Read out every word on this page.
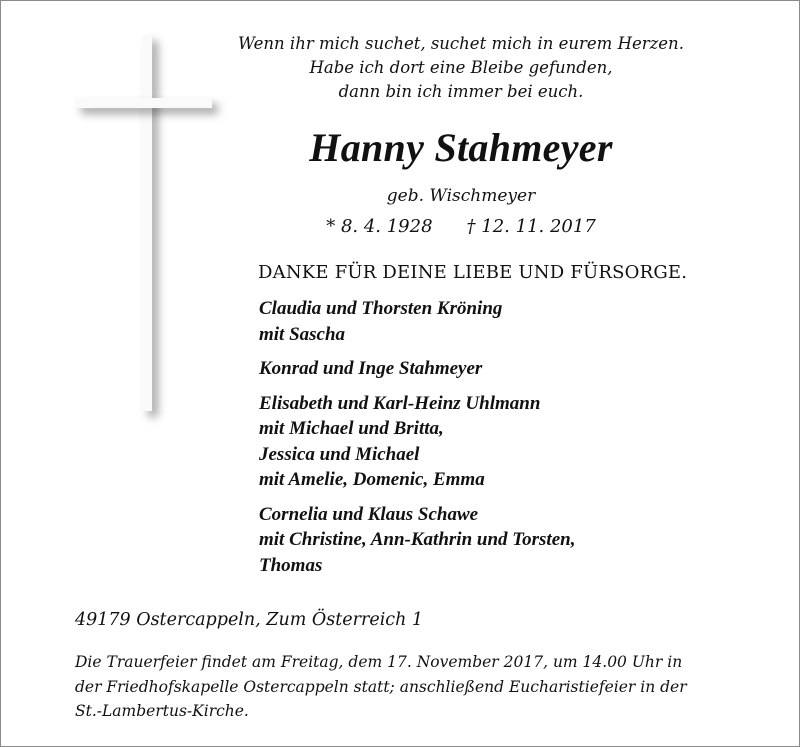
Wenn ihr mich suchet, suchet mich in eurem Herzen.
Habe ich dort eine Bleibe gefunden,
dann bin ich immer bei euch.
Hanny Stahmeyer
geb. Wischmeyer
* 8. 4. 1928 † 12. 11. 2017
DANKE FÜR DEINE LIEBE UND FÜRSORGE.
Claudia und Thorsten Kröning
mit Sascha
Konrad und Inge Stahmeyer
Elisabeth und Karl-Heinz Uhlmann
mit Michael und Britta,
Jessica und Michael
mit Amelie, Domenic, Emma
Cornelia und Klaus Schawe
mit Christine, Ann-Kathrin und Torsten,
Thomas
49179 Ostercappeln, Zum Österreich 1
Die Trauerfeier findet am Freitag, dem 17. November 2017, um 14.00 Uhr in
der Friedhofskapelle Ostercappeln statt; anschließend Eucharistiefeier in der
St.-Lambertus-Kirche.
